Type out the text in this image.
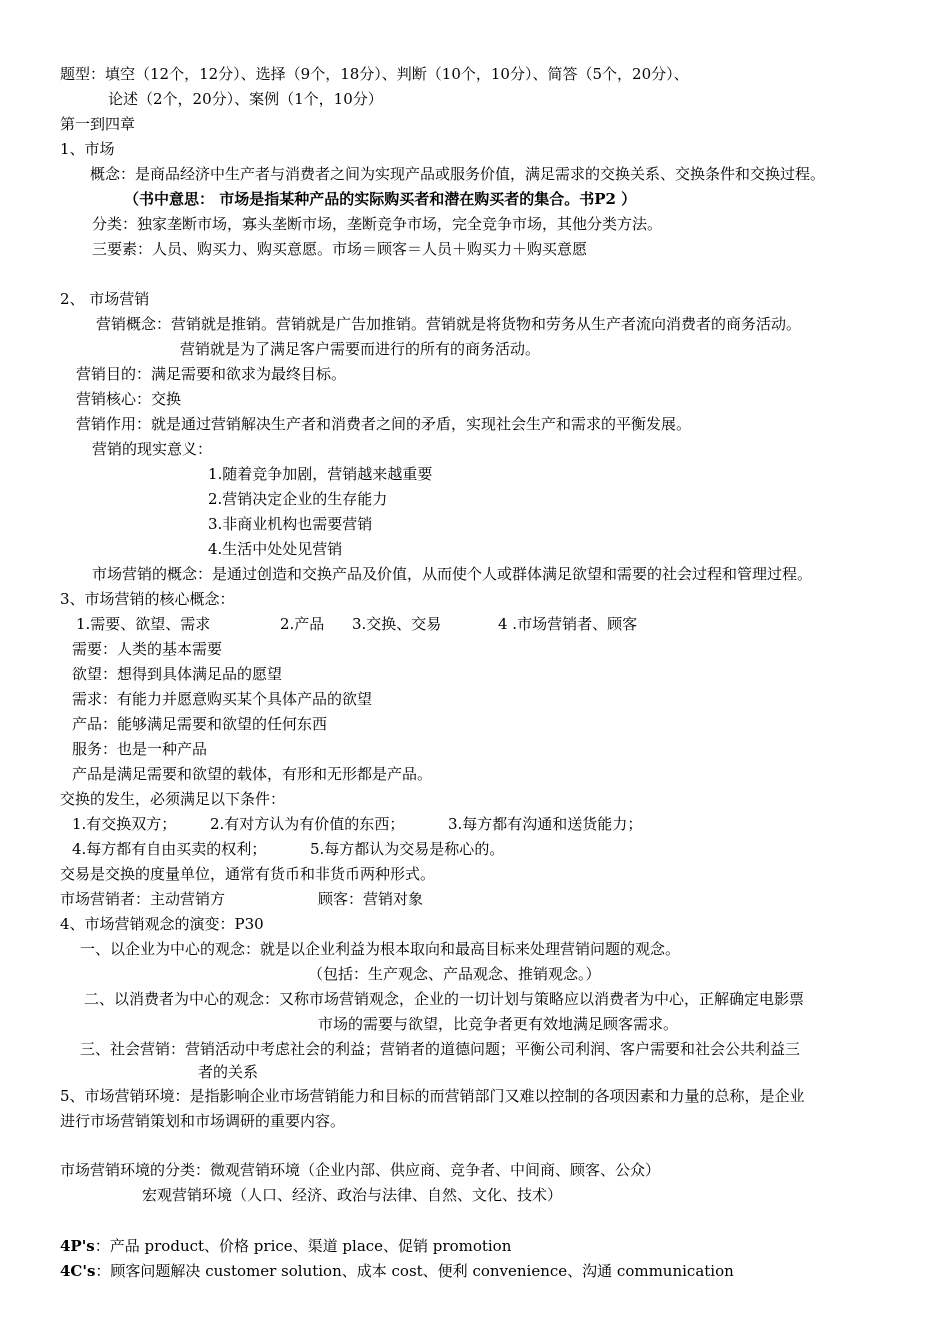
题型：填空（12个，12分）、选择（9个，18分）、判断（10个，10分）、简答（5个，20分）、
论述（2个，20分）、案例（1个，10分）
第一到四章
1、市场
概念：是商品经济中生产者与消费者之间为实现产品或服务价值，满足需求的交换关系、交换条件和交换过程。
（书中意思： 市场是指某种产品的实际购买者和潜在购买者的集合。书P2 ）
分类：独家垄断市场，寡头垄断市场，垄断竞争市场，完全竞争市场，其他分类方法。
三要素：人员、购买力、购买意愿。市场＝顾客＝人员＋购买力＋购买意愿
2、 市场营销
营销概念：营销就是推销。营销就是广告加推销。营销就是将货物和劳务从生产者流向消费者的商务活动。
营销就是为了满足客户需要而进行的所有的商务活动。
营销目的：满足需要和欲求为最终目标。
营销核心：交换
营销作用：就是通过营销解决生产者和消费者之间的矛盾，实现社会生产和需求的平衡发展。
营销的现实意义：
1.随着竞争加剧，营销越来越重要
2.营销决定企业的生存能力
3.非商业机构也需要营销
4.生活中处处见营销
市场营销的概念：是通过创造和交换产品及价值，从而使个人或群体满足欲望和需要的社会过程和管理过程。
3、市场营销的核心概念：
1.需要、欲望、需求	2.产品 3.交换、交易	4 .市场营销者、顾客
需要：人类的基本需要
欲望：想得到具体满足品的愿望
需求：有能力并愿意购买某个具体产品的欲望
产品：能够满足需要和欲望的任何东西
服务：也是一种产品
产品是满足需要和欲望的载体，有形和无形都是产品。
交换的发生，必须满足以下条件：
1.有交换双方； 2.有对方认为有价值的东西；	3.每方都有沟通和送货能力；
4.每方都有自由买卖的权利；	5.每方都认为交易是称心的。
交易是交换的度量单位，通常有货币和非货币两种形式。
市场营销者：主动营销方	顾客：营销对象
4、市场营销观念的演变：P30
一、以企业为中心的观念：就是以企业利益为根本取向和最高目标来处理营销问题的观念。
（包括：生产观念、产品观念、推销观念。）
二、以消费者为中心的观念：又称市场营销观念，企业的一切计划与策略应以消费者为中心，正解确定电影票
市场的需要与欲望，比竞争者更有效地满足顾客需求。
三、社会营销：营销活动中考虑社会的利益；营销者的道德问题；平衡公司利润、客户需要和社会公共利益三
者的关系
5、市场营销环境：是指影响企业市场营销能力和目标的而营销部门又难以控制的各项因素和力量的总称，是企业
进行市场营销策划和市场调研的重要内容。
市场营销环境的分类：微观营销环境（企业内部、供应商、竞争者、中间商、顾客、公众）
宏观营销环境（人口、经济、政治与法律、自然、文化、技术）
4P's：产品 product、价格 price、渠道 place、促销 promotion
4C's：顾客问题解决 customer solution、成本 cost、便利 convenience、沟通 communication
